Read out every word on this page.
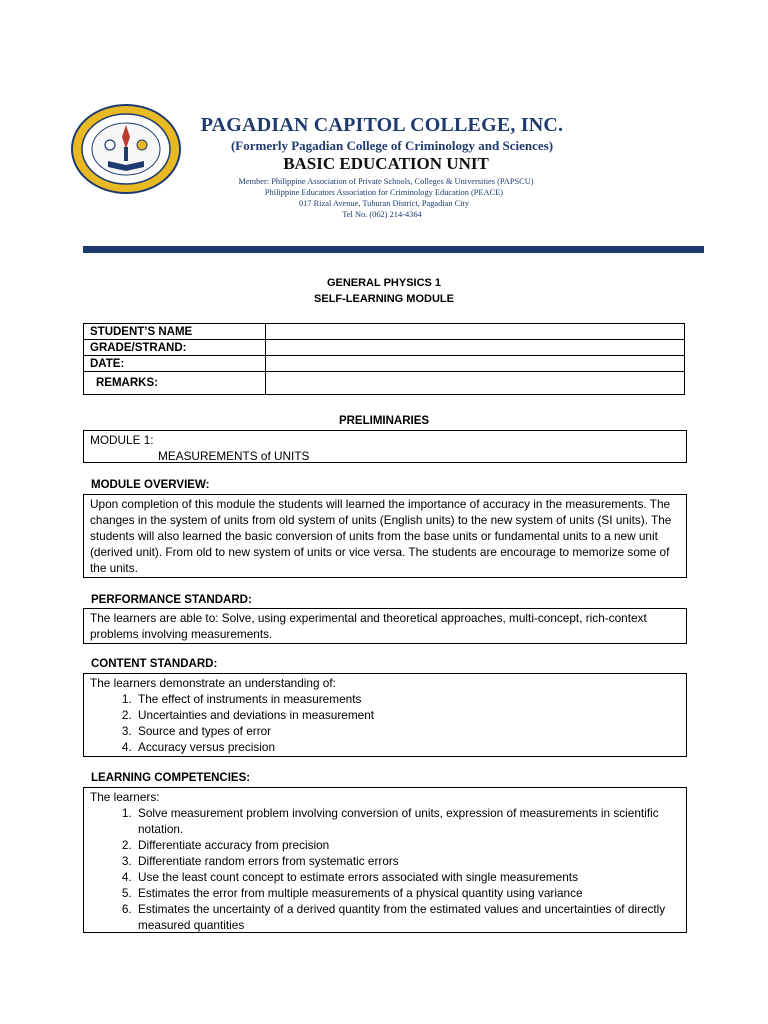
PAGADIAN CAPITOL COLLEGE, INC.
(Formerly Pagadian College of Criminology and Sciences)
BASIC EDUCATION UNIT
Member: Philippine Association of Private Schools, Colleges & Universities (PAPSCU)
Philippine Educators Association for Criminology Education (PEACE)
017 Rizal Avenue, Tuburan District, Pagadian City
Tel No. (062) 214-4364
GENERAL PHYSICS 1
SELF-LEARNING MODULE
STUDENT’S NAME	
GRADE/STRAND:	
DATE:	
REMARKS:	
PRELIMINARIES
MODULE 1:
MEASUREMENTS of UNITS
MODULE OVERVIEW:
Upon completion of this module the students will learned the importance of accuracy in the measurements. The changes in the system of units from old system of units (English units) to the new system of units (SI units). The students will also learned the basic conversion of units from the base units or fundamental units to a new unit (derived unit). From old to new system of units or vice versa. The students are encourage to memorize some of the units.
PERFORMANCE STANDARD:
The learners are able to: Solve, using experimental and theoretical approaches, multi-concept, rich-context problems involving measurements.
CONTENT STANDARD:
The learners demonstrate an understanding of:
1. The effect of instruments in measurements
2. Uncertainties and deviations in measurement
3. Source and types of error
4. Accuracy versus precision
LEARNING COMPETENCIES:
The learners:
1. Solve measurement problem involving conversion of units, expression of measurements in scientific notation.
2. Differentiate accuracy from precision
3. Differentiate random errors from systematic errors
4. Use the least count concept to estimate errors associated with single measurements
5. Estimates the error from multiple measurements of a physical quantity using variance
6. Estimates the uncertainty of a derived quantity from the estimated values and uncertainties of directly measured quantities
